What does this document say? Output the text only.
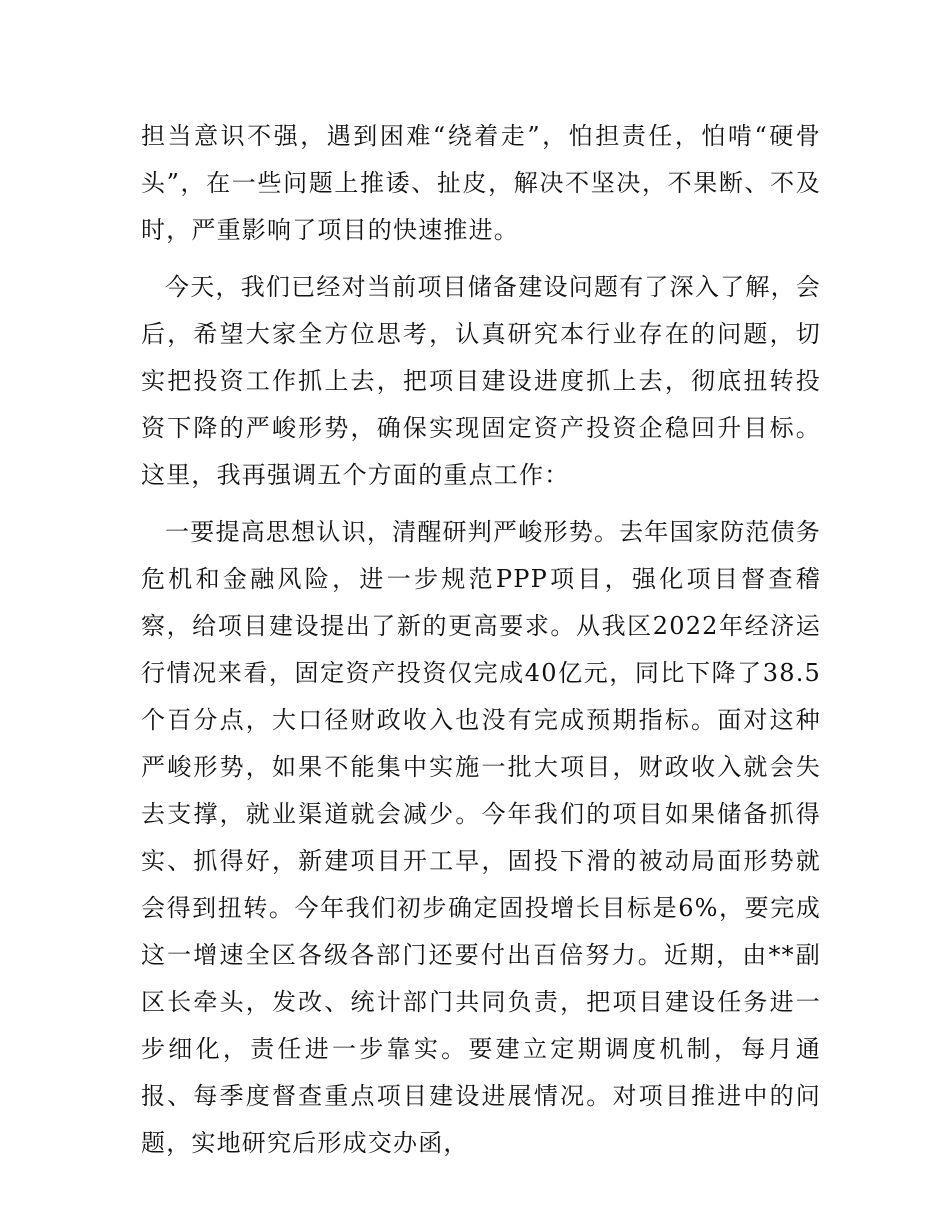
担当意识不强，遇到困难“绕着走”，怕担责任，怕啃“硬骨头”，在一些问题上推诿、扯皮，解决不坚决，不果断、不及时，严重影响了项目的快速推进。

今天，我们已经对当前项目储备建设问题有了深入了解，会后，希望大家全方位思考，认真研究本行业存在的问题，切实把投资工作抓上去，把项目建设进度抓上去，彻底扭转投资下降的严峻形势，确保实现固定资产投资企稳回升目标。这里，我再强调五个方面的重点工作：

一要提高思想认识，清醒研判严峻形势。去年国家防范债务危机和金融风险，进一步规范PPP项目，强化项目督查稽察，给项目建设提出了新的更高要求。从我区2022年经济运行情况来看，固定资产投资仅完成40亿元，同比下降了38.5个百分点，大口径财政收入也没有完成预期指标。面对这种严峻形势，如果不能集中实施一批大项目，财政收入就会失去支撑，就业渠道就会减少。今年我们的项目如果储备抓得实、抓得好，新建项目开工早，固投下滑的被动局面形势就会得到扭转。今年我们初步确定固投增长目标是6%，要完成这一增速全区各级各部门还要付出百倍努力。近期，由**副区长牵头，发改、统计部门共同负责，把项目建设任务进一步细化，责任进一步靠实。要建立定期调度机制，每月通报、每季度督查重点项目建设进展情况。对项目推进中的问题，实地研究后形成交办函，
